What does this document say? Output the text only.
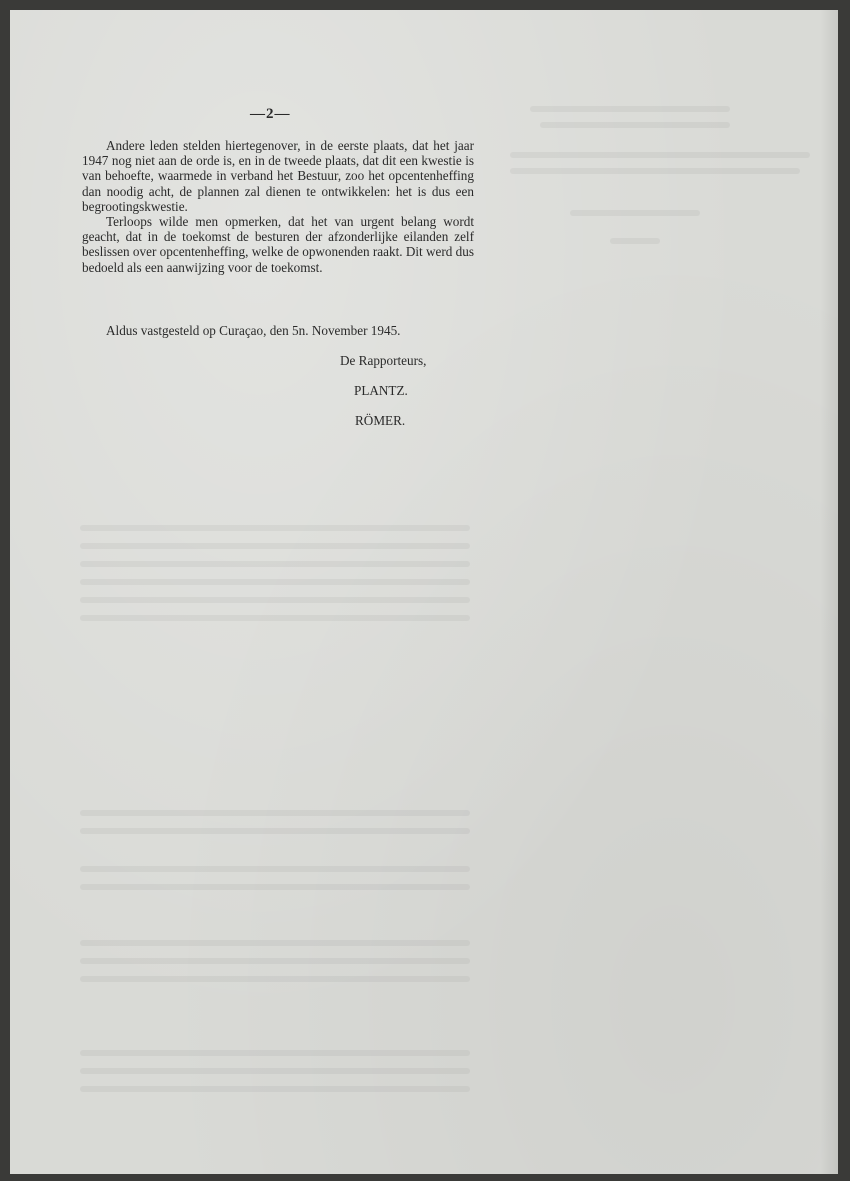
—2—

Andere leden stelden hiertegenover, in de eerste plaats, dat het jaar 1947 nog niet aan de orde is, en in de tweede plaats, dat dit een kwestie is van behoefte, waarmede in verband het Bestuur, zoo het opcentenheffing dan noodig acht, de plannen zal dienen te ontwikkelen: het is dus een begrootingskwestie.

Terloops wilde men opmerken, dat het van urgent belang wordt geacht, dat in de toekomst de besturen der afzonderlijke eilanden zelf beslissen over opcentenheffing, welke de opwonenden raakt. Dit werd dus bedoeld als een aanwijzing voor de toekomst.

Aldus vastgesteld op Curaçao, den 5n. November 1945.
De Rapporteurs,
PLANTZ.
RÖMER.
